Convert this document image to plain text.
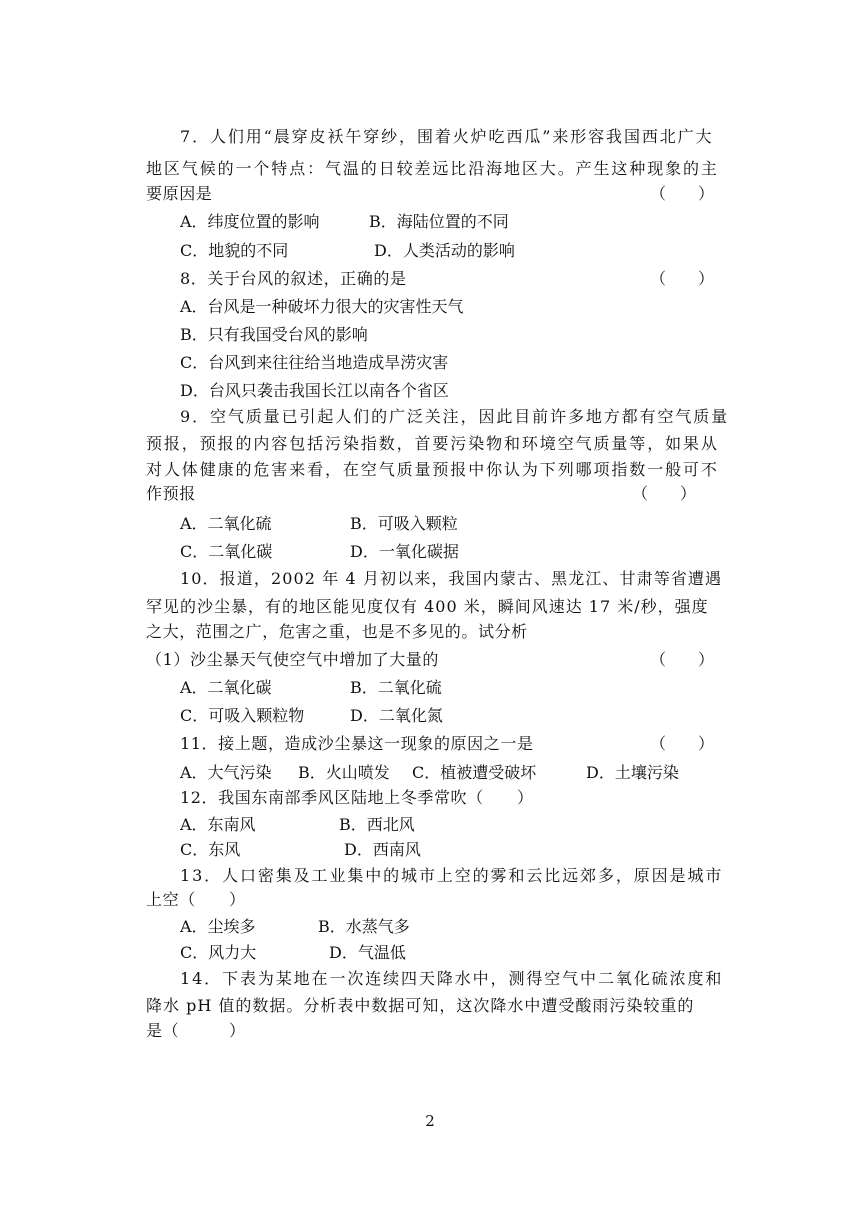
7．人们用“晨穿皮袄午穿纱，围着火炉吃西瓜”来形容我国西北广大
地区气候的一个特点：气温的日较差远比沿海地区大。产生这种现象的主
要原因是	（　　）
A．纬度位置的影响	B．海陆位置的不同
C．地貌的不同	D．人类活动的影响
8．关于台风的叙述，正确的是	（　　）
A．台风是一种破坏力很大的灾害性天气
B．只有我国受台风的影响
C．台风到来往往给当地造成旱涝灾害
D．台风只袭击我国长江以南各个省区
9．空气质量已引起人们的广泛关注，因此目前许多地方都有空气质量
预报，预报的内容包括污染指数，首要污染物和环境空气质量等，如果从
对人体健康的危害来看，在空气质量预报中你认为下列哪项指数一般可不
作预报	（　　）
A．二氧化硫	B．可吸入颗粒
C．二氧化碳	D．一氧化碳据
10．报道，2002 年 4 月初以来，我国内蒙古、黑龙江、甘肃等省遭遇
罕见的沙尘暴，有的地区能见度仅有 400 米，瞬间风速达 17 米/秒，强度
之大，范围之广，危害之重，也是不多见的。试分析
（1）沙尘暴天气使空气中增加了大量的	（　　）
A．二氧化碳	B．二氧化硫
C．可吸入颗粒物	D．二氧化氮
11．接上题，造成沙尘暴这一现象的原因之一是	（　　）
A．大气污染 B．火山喷发 C．植被遭受破坏	D．土壤污染
12．我国东南部季风区陆地上冬季常吹（　　）
A．东南风	B．西北风
C．东风	D．西南风
13．人口密集及工业集中的城市上空的雾和云比远郊多，原因是城市
上空（　　）
A．尘埃多	B．水蒸气多
C．风力大	D．气温低
14．下表为某地在一次连续四天降水中，测得空气中二氧化硫浓度和
降水 pH 值的数据。分析表中数据可知，这次降水中遭受酸雨污染较重的
是（　　　）
2
